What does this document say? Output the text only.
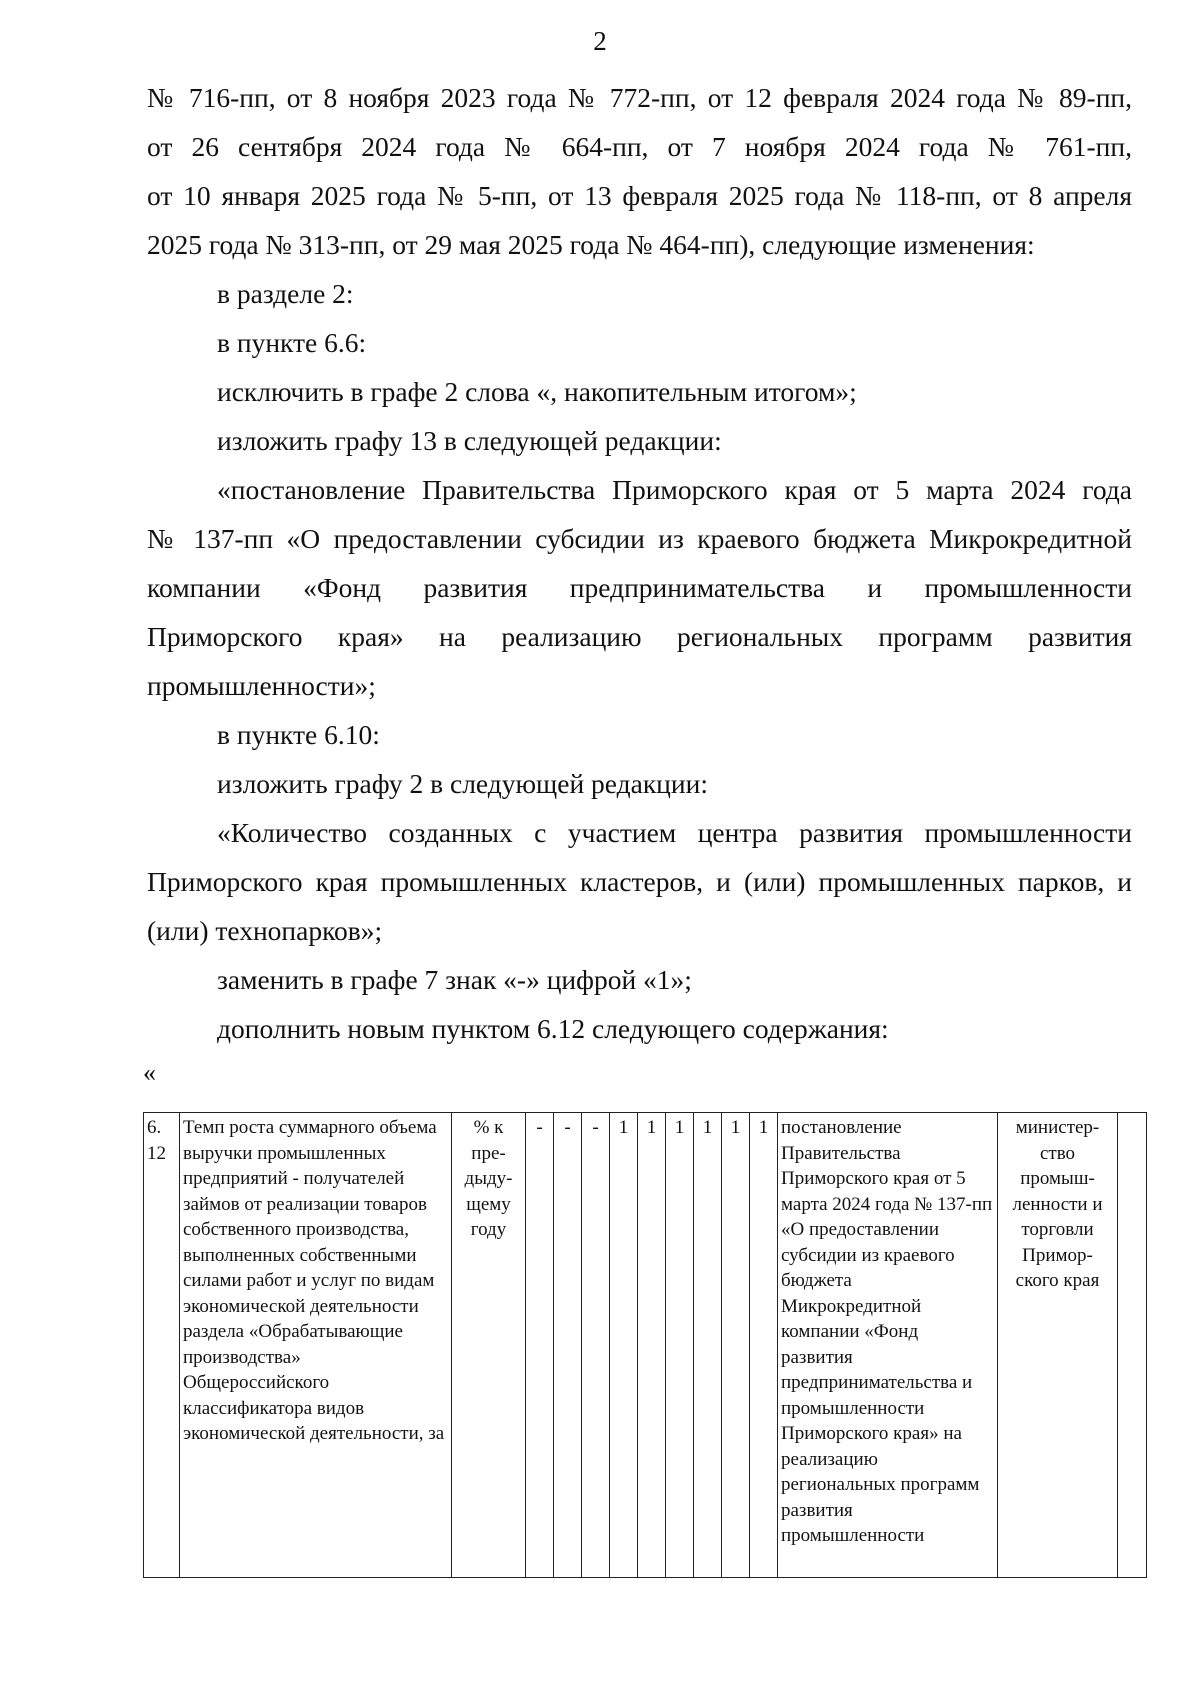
2

№ 716-пп, от 8 ноября 2023 года № 772-пп, от 12 февраля 2024 года № 89-пп,

от 26 сентября 2024 года № 664-пп, от 7 ноября 2024 года № 761-пп,

от 10 января 2025 года № 5-пп, от 13 февраля 2025 года № 118-пп, от 8 апреля

2025 года № 313-пп, от 29 мая 2025 года № 464-пп), следующие изменения:

в разделе 2:

в пункте 6.6:

исключить в графе 2 слова «, накопительным итогом»;

изложить графу 13 в следующей редакции:

«постановление Правительства Приморского края от 5 марта 2024 года

№ 137-пп «О предоставлении субсидии из краевого бюджета Микрокредитной

компании «Фонд развития предпринимательства и промышленности

Приморского края» на реализацию региональных программ развития

промышленности»;

в пункте 6.10:

изложить графу 2 в следующей редакции:

«Количество созданных с участием центра развития промышленности

Приморского края промышленных кластеров, и (или) промышленных парков, и

(или) технопарков»;

заменить в графе 7 знак «-» цифрой «1»;

дополнить новым пунктом 6.12 следующего содержания:

«
6.
12	Темп роста суммарного объема выручки промышленных предприятий - получателей займов от реализации товаров собственного производства, выполненных собственными силами работ и услуг по видам экономической деятельности раздела «Обрабатывающие производства» Общероссийского классификатора видов экономической деятельности, за	% к пре-дыду-щему году	-	-	-	1	1	1	1	1	1	постановление Правительства Приморского края от 5 марта 2024 года № 137-пп «О предоставлении субсидии из краевого бюджета Микрокредитной компании «Фонд развития предпринимательства и промышленности Приморского края» на реализацию региональных программ развития промышленности	министер-ство промыш-ленности и торговли Примор-ского края	
